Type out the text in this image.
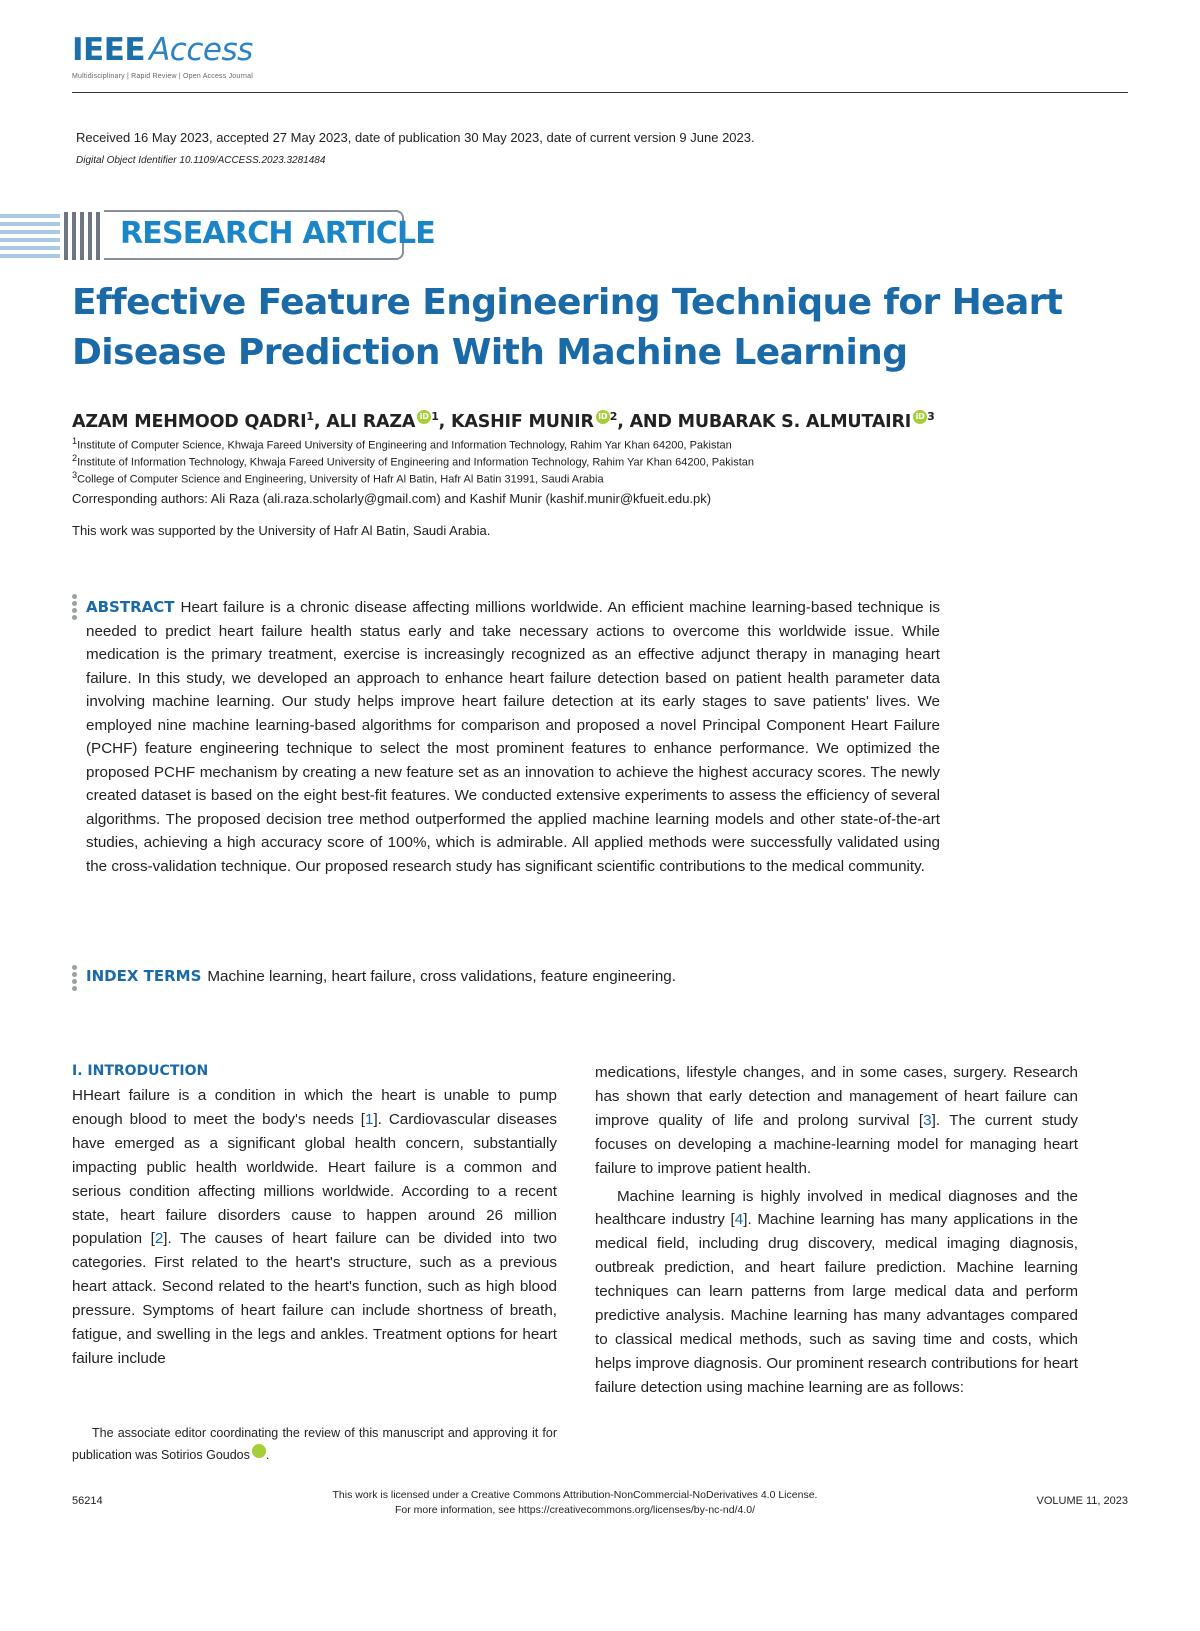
IEEE Access
Multidisciplinary | Rapid Review | Open Access Journal
Received 16 May 2023, accepted 27 May 2023, date of publication 30 May 2023, date of current version 9 June 2023.
Digital Object Identifier 10.1109/ACCESS.2023.3281484
RESEARCH ARTICLE
Effective Feature Engineering Technique for Heart
Disease Prediction With Machine Learning
AZAM MEHMOOD QADRI$^1$, ALI RAZA iD $^1$, KASHIF MUNIR iD $^2$, AND MUBARAK S. ALMUTAIRI iD $^3$
$^1$Institute of Computer Science, Khwaja Fareed University of Engineering and Information Technology, Rahim Yar Khan 64200, Pakistan
$^2$Institute of Information Technology, Khwaja Fareed University of Engineering and Information Technology, Rahim Yar Khan 64200, Pakistan
$^3$College of Computer Science and Engineering, University of Hafr Al Batin, Hafr Al Batin 31991, Saudi Arabia
Corresponding authors: Ali Raza (ali.raza.scholarly@gmail.com) and Kashif Munir (kashif.munir@kfueit.edu.pk)
This work was supported by the University of Hafr Al Batin, Saudi Arabia.
ABSTRACT Heart failure is a chronic disease affecting millions worldwide. An efficient machine learning-based technique is needed to predict heart failure health status early and take necessary actions to overcome this worldwide issue. While medication is the primary treatment, exercise is increasingly recognized as an effective adjunct therapy in managing heart failure. In this study, we developed an approach to enhance heart failure detection based on patient health parameter data involving machine learning. Our study helps improve heart failure detection at its early stages to save patients' lives. We employed nine machine learning-based algorithms for comparison and proposed a novel Principal Component Heart Failure (PCHF) feature engineering technique to select the most prominent features to enhance performance. We optimized the proposed PCHF mechanism by creating a new feature set as an innovation to achieve the highest accuracy scores. The newly created dataset is based on the eight best-fit features. We conducted extensive experiments to assess the efficiency of several algorithms. The proposed decision tree method outperformed the applied machine learning models and other state-of-the-art studies, achieving a high accuracy score of 100%, which is admirable. All applied methods were successfully validated using the cross-validation technique. Our proposed research study has significant scientific contributions to the medical community.
INDEX TERMS Machine learning, heart failure, cross validations, feature engineering.
I. INTRODUCTION

HHeart failure is a condition in which the heart is unable to pump enough blood to meet the body's needs [1]. Cardiovascular diseases have emerged as a significant global health concern, substantially impacting public health worldwide. Heart failure is a common and serious condition affecting millions worldwide. According to a recent state, heart failure disorders cause to happen around 26 million population [2]. The causes of heart failure can be divided into two categories. First related to the heart's structure, such as a previous heart attack. Second related to the heart's function, such as high blood pressure. Symptoms of heart failure can include shortness of breath, fatigue, and swelling in the legs and ankles. Treatment options for heart failure include

medications, lifestyle changes, and in some cases, surgery. Research has shown that early detection and management of heart failure can improve quality of life and prolong survival [3]. The current study focuses on developing a machine-learning model for managing heart failure to improve patient health.

Machine learning is highly involved in medical diagnoses and the healthcare industry [4]. Machine learning has many applications in the medical field, including drug discovery, medical imaging diagnosis, outbreak prediction, and heart failure prediction. Machine learning techniques can learn patterns from large medical data and perform predictive analysis. Machine learning has many advantages compared to classical medical methods, such as saving time and costs, which helps improve diagnosis. Our prominent research contributions for heart failure detection using machine learning are as follows:

The associate editor coordinating the review of this manuscript and approving it for publication was Sotirios Goudos	iD.
This work is licensed under a Creative Commons Attribution-NonCommercial-NoDerivatives 4.0 License.
For more information, see https://creativecommons.org/licenses/by-nc-nd/4.0/
56214	VOLUME 11, 2023
